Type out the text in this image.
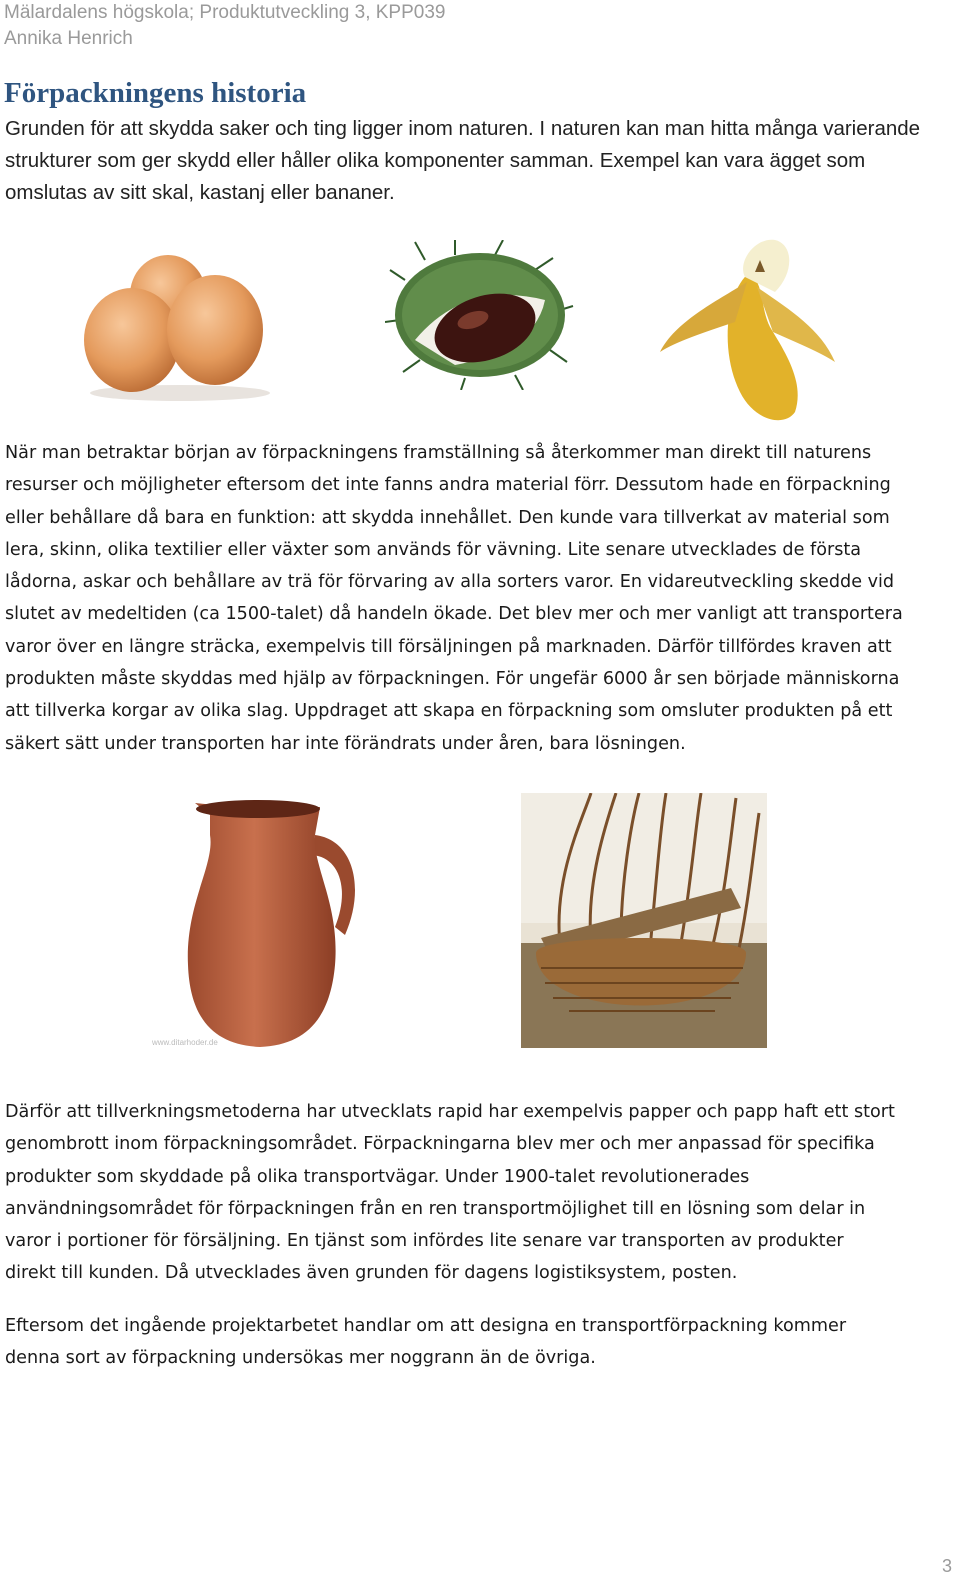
Mälardalens högskola; Produktutveckling 3, KPP039
Annika Henrich
Förpackningens historia
Grunden för att skydda saker och ting ligger inom naturen. I naturen kan man hitta många varierande
strukturer som ger skydd eller håller olika komponenter samman. Exempel kan vara ägget som
omslutas av sitt skal, kastanj eller bananer.
När man betraktar början av förpackningens framställning så återkommer man direkt till naturens
resurser och möjligheter eftersom det inte fanns andra material förr. Dessutom hade en förpackning
eller behållare då bara en funktion: att skydda innehållet. Den kunde vara tillverkat av material som
lera, skinn, olika textilier eller växter som används för vävning. Lite senare utvecklades de första
lådorna, askar och behållare av trä för förvaring av alla sorters varor. En vidareutveckling skedde vid
slutet av medeltiden (ca 1500-talet) då handeln ökade. Det blev mer och mer vanligt att transportera
varor över en längre sträcka, exempelvis till försäljningen på marknaden. Därför tillfördes kraven att
produkten måste skyddas med hjälp av förpackningen. För ungefär 6000 år sen började människorna
att tillverka korgar av olika slag. Uppdraget att skapa en förpackning som omsluter produkten på ett
säkert sätt under transporten har inte förändrats under åren, bara lösningen.
www.ditarhoder.de
Därför att tillverkningsmetoderna har utvecklats rapid har exempelvis papper och papp haft ett stort
genombrott inom förpackningsområdet. Förpackningarna blev mer och mer anpassad för specifika
produkter som skyddade på olika transportvägar. Under 1900-talet revolutionerades
användningsområdet för förpackningen från en ren transportmöjlighet till en lösning som delar in
varor i portioner för försäljning. En tjänst som infördes lite senare var transporten av produkter
direkt till kunden. Då utvecklades även grunden för dagens logistiksystem, posten.
Eftersom det ingående projektarbetet handlar om att designa en transportförpackning kommer
denna sort av förpackning undersökas mer noggrann än de övriga.
3
